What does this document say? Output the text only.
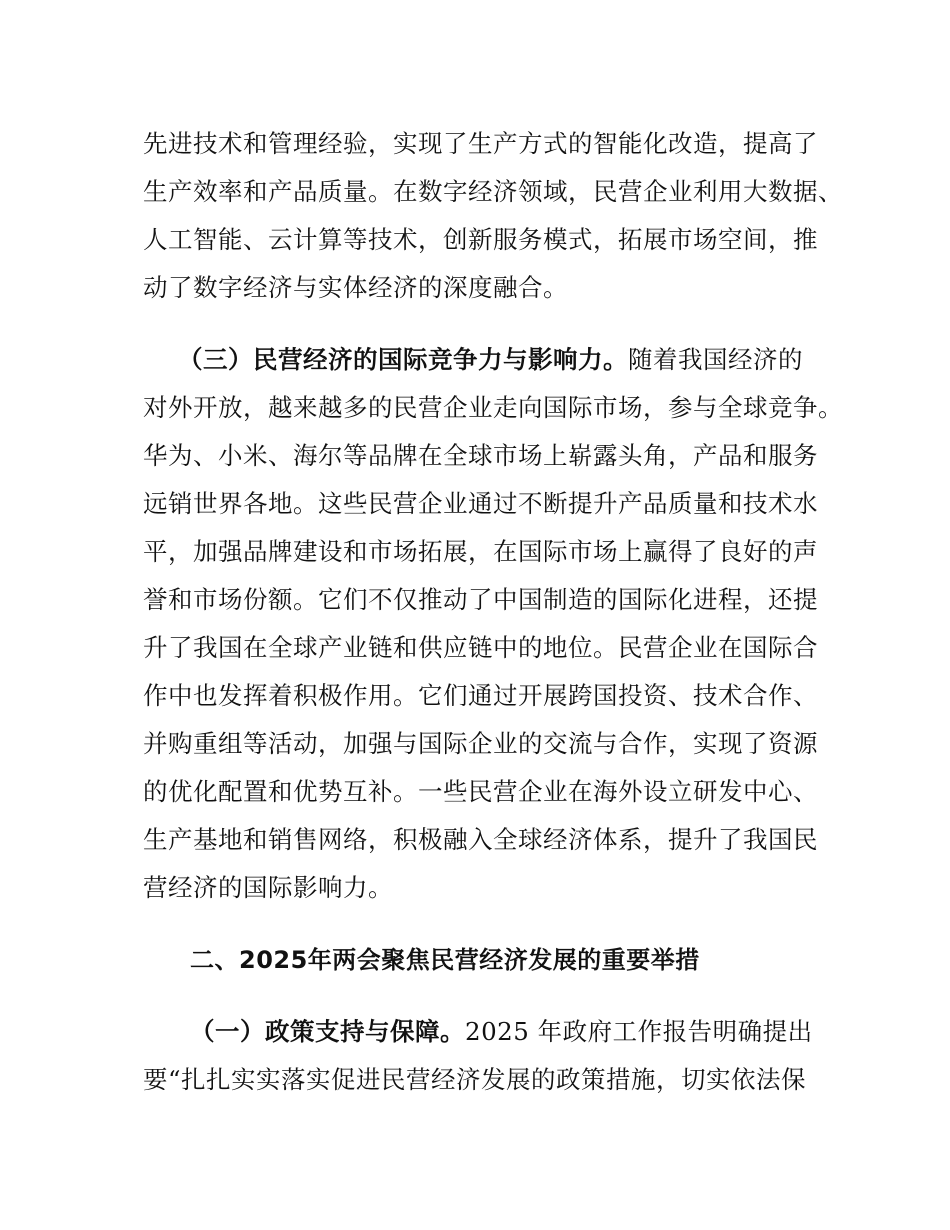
先进技术和管理经验，实现了生产方式的智能化改造，提高了
生产效率和产品质量。在数字经济领域，民营企业利用大数据、
人工智能、云计算等技术，创新服务模式，拓展市场空间，推
动了数字经济与实体经济的深度融合。
（三）民营经济的国际竞争力与影响力。随着我国经济的
对外开放，越来越多的民营企业走向国际市场，参与全球竞争。
华为、小米、海尔等品牌在全球市场上崭露头角，产品和服务
远销世界各地。这些民营企业通过不断提升产品质量和技术水
平，加强品牌建设和市场拓展，在国际市场上赢得了良好的声
誉和市场份额。它们不仅推动了中国制造的国际化进程，还提
升了我国在全球产业链和供应链中的地位。民营企业在国际合
作中也发挥着积极作用。它们通过开展跨国投资、技术合作、
并购重组等活动，加强与国际企业的交流与合作，实现了资源
的优化配置和优势互补。一些民营企业在海外设立研发中心、
生产基地和销售网络，积极融入全球经济体系，提升了我国民
营经济的国际影响力。
二、2025年两会聚焦民营经济发展的重要举措
（一）政策支持与保障。2025 年政府工作报告明确提出
要“扎扎实实落实促进民营经济发展的政策措施，切实依法保
